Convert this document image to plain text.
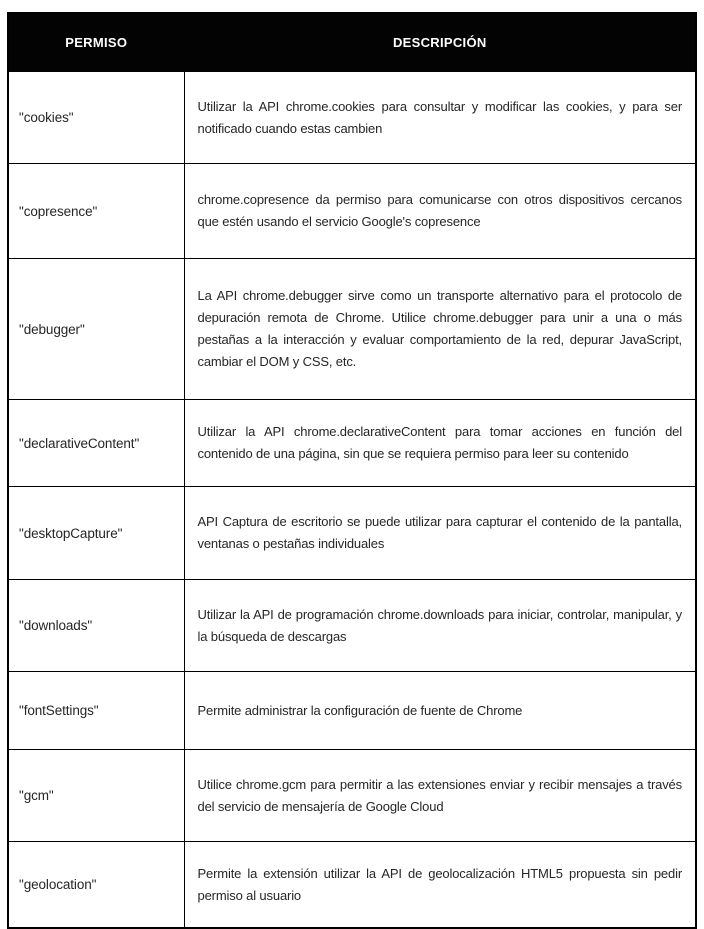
PERMISO	DESCRIPCIÓN
"cookies"	Utilizar la API chrome.cookies para consultar y modificar las cookies, y para ser notificado cuando estas cambien
"copresence"	chrome.copresence da permiso para comunicarse con otros dispositivos cercanos que estén usando el servicio Google's copresence
"debugger"	La API chrome.debugger sirve como un transporte alternativo para el protocolo de depuración remota de Chrome. Utilice chrome.debugger para unir a una o más pestañas a la interacción y evaluar comportamiento de la red, depurar JavaScript, cambiar el DOM y CSS, etc.
"declarativeContent"	Utilizar la API chrome.declarativeContent para tomar acciones en función del contenido de una página, sin que se requiera permiso para leer su contenido
"desktopCapture"	API Captura de escritorio se puede utilizar para capturar el contenido de la pantalla, ventanas o pestañas individuales
"downloads"	Utilizar la API de programación chrome.downloads para iniciar, controlar, manipular, y la búsqueda de descargas
"fontSettings"	Permite administrar la configuración de fuente de Chrome
"gcm"	Utilice chrome.gcm para permitir a las extensiones enviar y recibir mensajes a través del servicio de mensajería de Google Cloud
"geolocation"	Permite la extensión utilizar la API de geolocalización HTML5 propuesta sin pedir permiso al usuario
